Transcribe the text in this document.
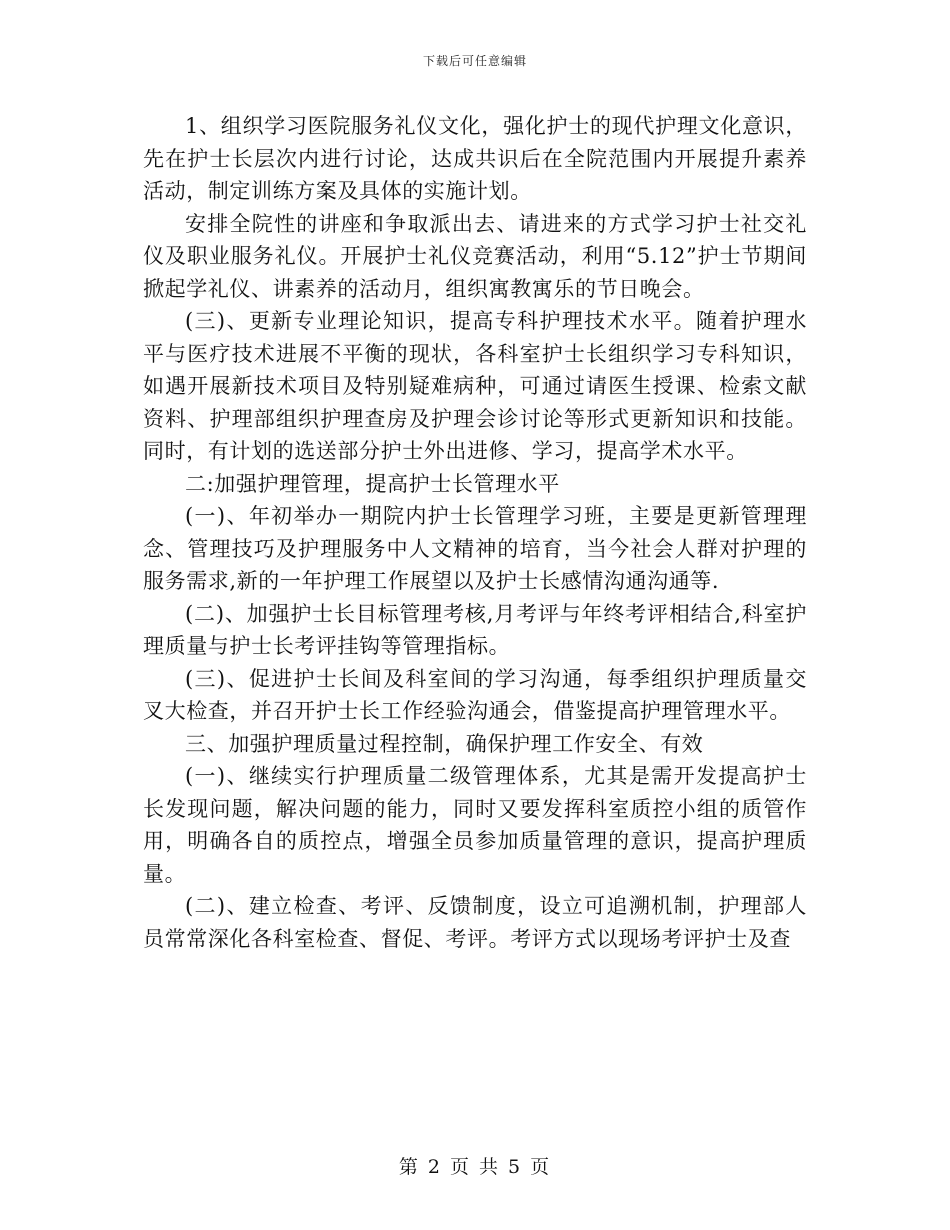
下载后可任意编辑

1、组织学习医院服务礼仪文化，强化护士的现代护理文化意识，先在护士长层次内进行讨论，达成共识后在全院范围内开展提升素养活动，制定训练方案及具体的实施计划。

安排全院性的讲座和争取派出去、请进来的方式学习护士社交礼仪及职业服务礼仪。开展护士礼仪竞赛活动，利用“5.12”护士节期间掀起学礼仪、讲素养的活动月，组织寓教寓乐的节日晚会。

(三)、更新专业理论知识，提高专科护理技术水平。随着护理水平与医疗技术进展不平衡的现状，各科室护士长组织学习专科知识，如遇开展新技术项目及特别疑难病种，可通过请医生授课、检索文献资料、护理部组织护理查房及护理会诊讨论等形式更新知识和技能。同时，有计划的选送部分护士外出进修、学习，提高学术水平。

二:加强护理管理，提高护士长管理水平

(一)、年初举办一期院内护士长管理学习班，主要是更新管理理念、管理技巧及护理服务中人文精神的培育，当今社会人群对护理的服务需求,新的一年护理工作展望以及护士长感情沟通沟通等.

(二)、加强护士长目标管理考核,月考评与年终考评相结合,科室护理质量与护士长考评挂钩等管理指标。

(三)、促进护士长间及科室间的学习沟通，每季组织护理质量交叉大检查，并召开护士长工作经验沟通会，借鉴提高护理管理水平。

三、加强护理质量过程控制，确保护理工作安全、有效

(一)、继续实行护理质量二级管理体系，尤其是需开发提高护士长发现问题，解决问题的能力，同时又要发挥科室质控小组的质管作用，明确各自的质控点，增强全员参加质量管理的意识，提高护理质量。

(二)、建立检查、考评、反馈制度，设立可追溯机制，护理部人员常常深化各科室检查、督促、考评。考评方式以现场考评护士及查

第 2 页 共 5 页
